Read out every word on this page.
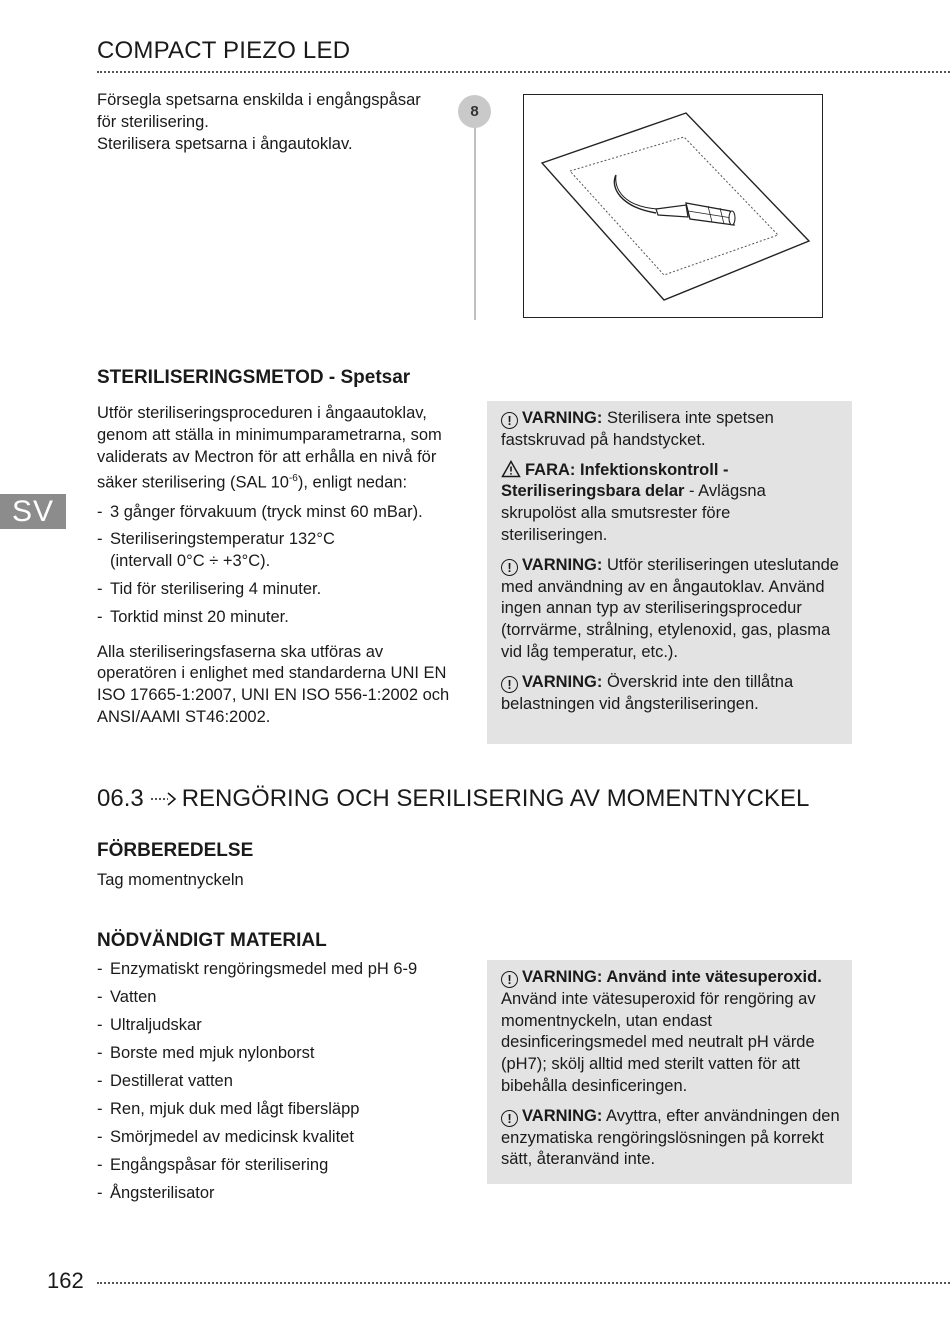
COMPACT PIEZO LED

Försegla spetsarna enskilda i engångspåsar

för sterilisering.

Sterilisera spetsarna i ångautoklav.

8
SV
STERILISERINGSMETOD - Spetsar

Utför steriliseringsproceduren i ångaautoklav, genom att ställa in minimumparametrarna, som validerats av Mectron för att erhålla en nivå för säker sterilisering (SAL $10^{-6}$), enligt nedan:

- 3 gånger förvakuum (tryck minst 60 mBar).
- Steriliseringstemperatur 132°C (intervall 0°C ÷ +3°C).
- Tid för sterilisering 4 minuter.
- Torktid minst 20 minuter.

Alla steriliseringsfaserna ska utföras av operatören i enlighet med standarderna UNI EN ISO 17665-1:2007, UNI EN ISO 556-1:2002 och ANSI/AAMI ST46:2002.

! VARNING: Sterilisera inte spetsen fastskruvad på handstycket.

FARA: Infektionskontroll - Steriliseringsbara delar - Avlägsna skrupolöst alla smutsrester före steriliseringen.

! VARNING: Utför steriliseringen uteslutande med användning av en ångautoklav. Använd ingen annan typ av steriliseringsprocedur (torrvärme, strålning, etylenoxid, gas, plasma vid låg temperatur, etc.).

! VARNING: Överskrid inte den tillåtna belastningen vid ångsteriliseringen.

06.3 RENGÖRING OCH SERILISERING AV MOMENTNYCKEL
FÖRBEREDELSE

Tag momentnyckeln

NÖDVÄNDIGT MATERIAL
- Enzymatiskt rengöringsmedel med pH 6-9
- Vatten
- Ultraljudskar
- Borste med mjuk nylonborst
- Destillerat vatten
- Ren, mjuk duk med lågt fibersläpp
- Smörjmedel av medicinsk kvalitet
- Engångspåsar för sterilisering
- Ångsterilisator

! VARNING: Använd inte vätesuperoxid. Använd inte vätesuperoxid för rengöring av momentnyckeln, utan endast desinficeringsmedel med neutralt pH värde (pH7); skölj alltid med sterilt vatten för att bibehålla desinficeringen.

! VARNING: Avyttra, efter användningen den enzymatiska rengöringslösningen på korrekt sätt, återanvänd inte.

162
